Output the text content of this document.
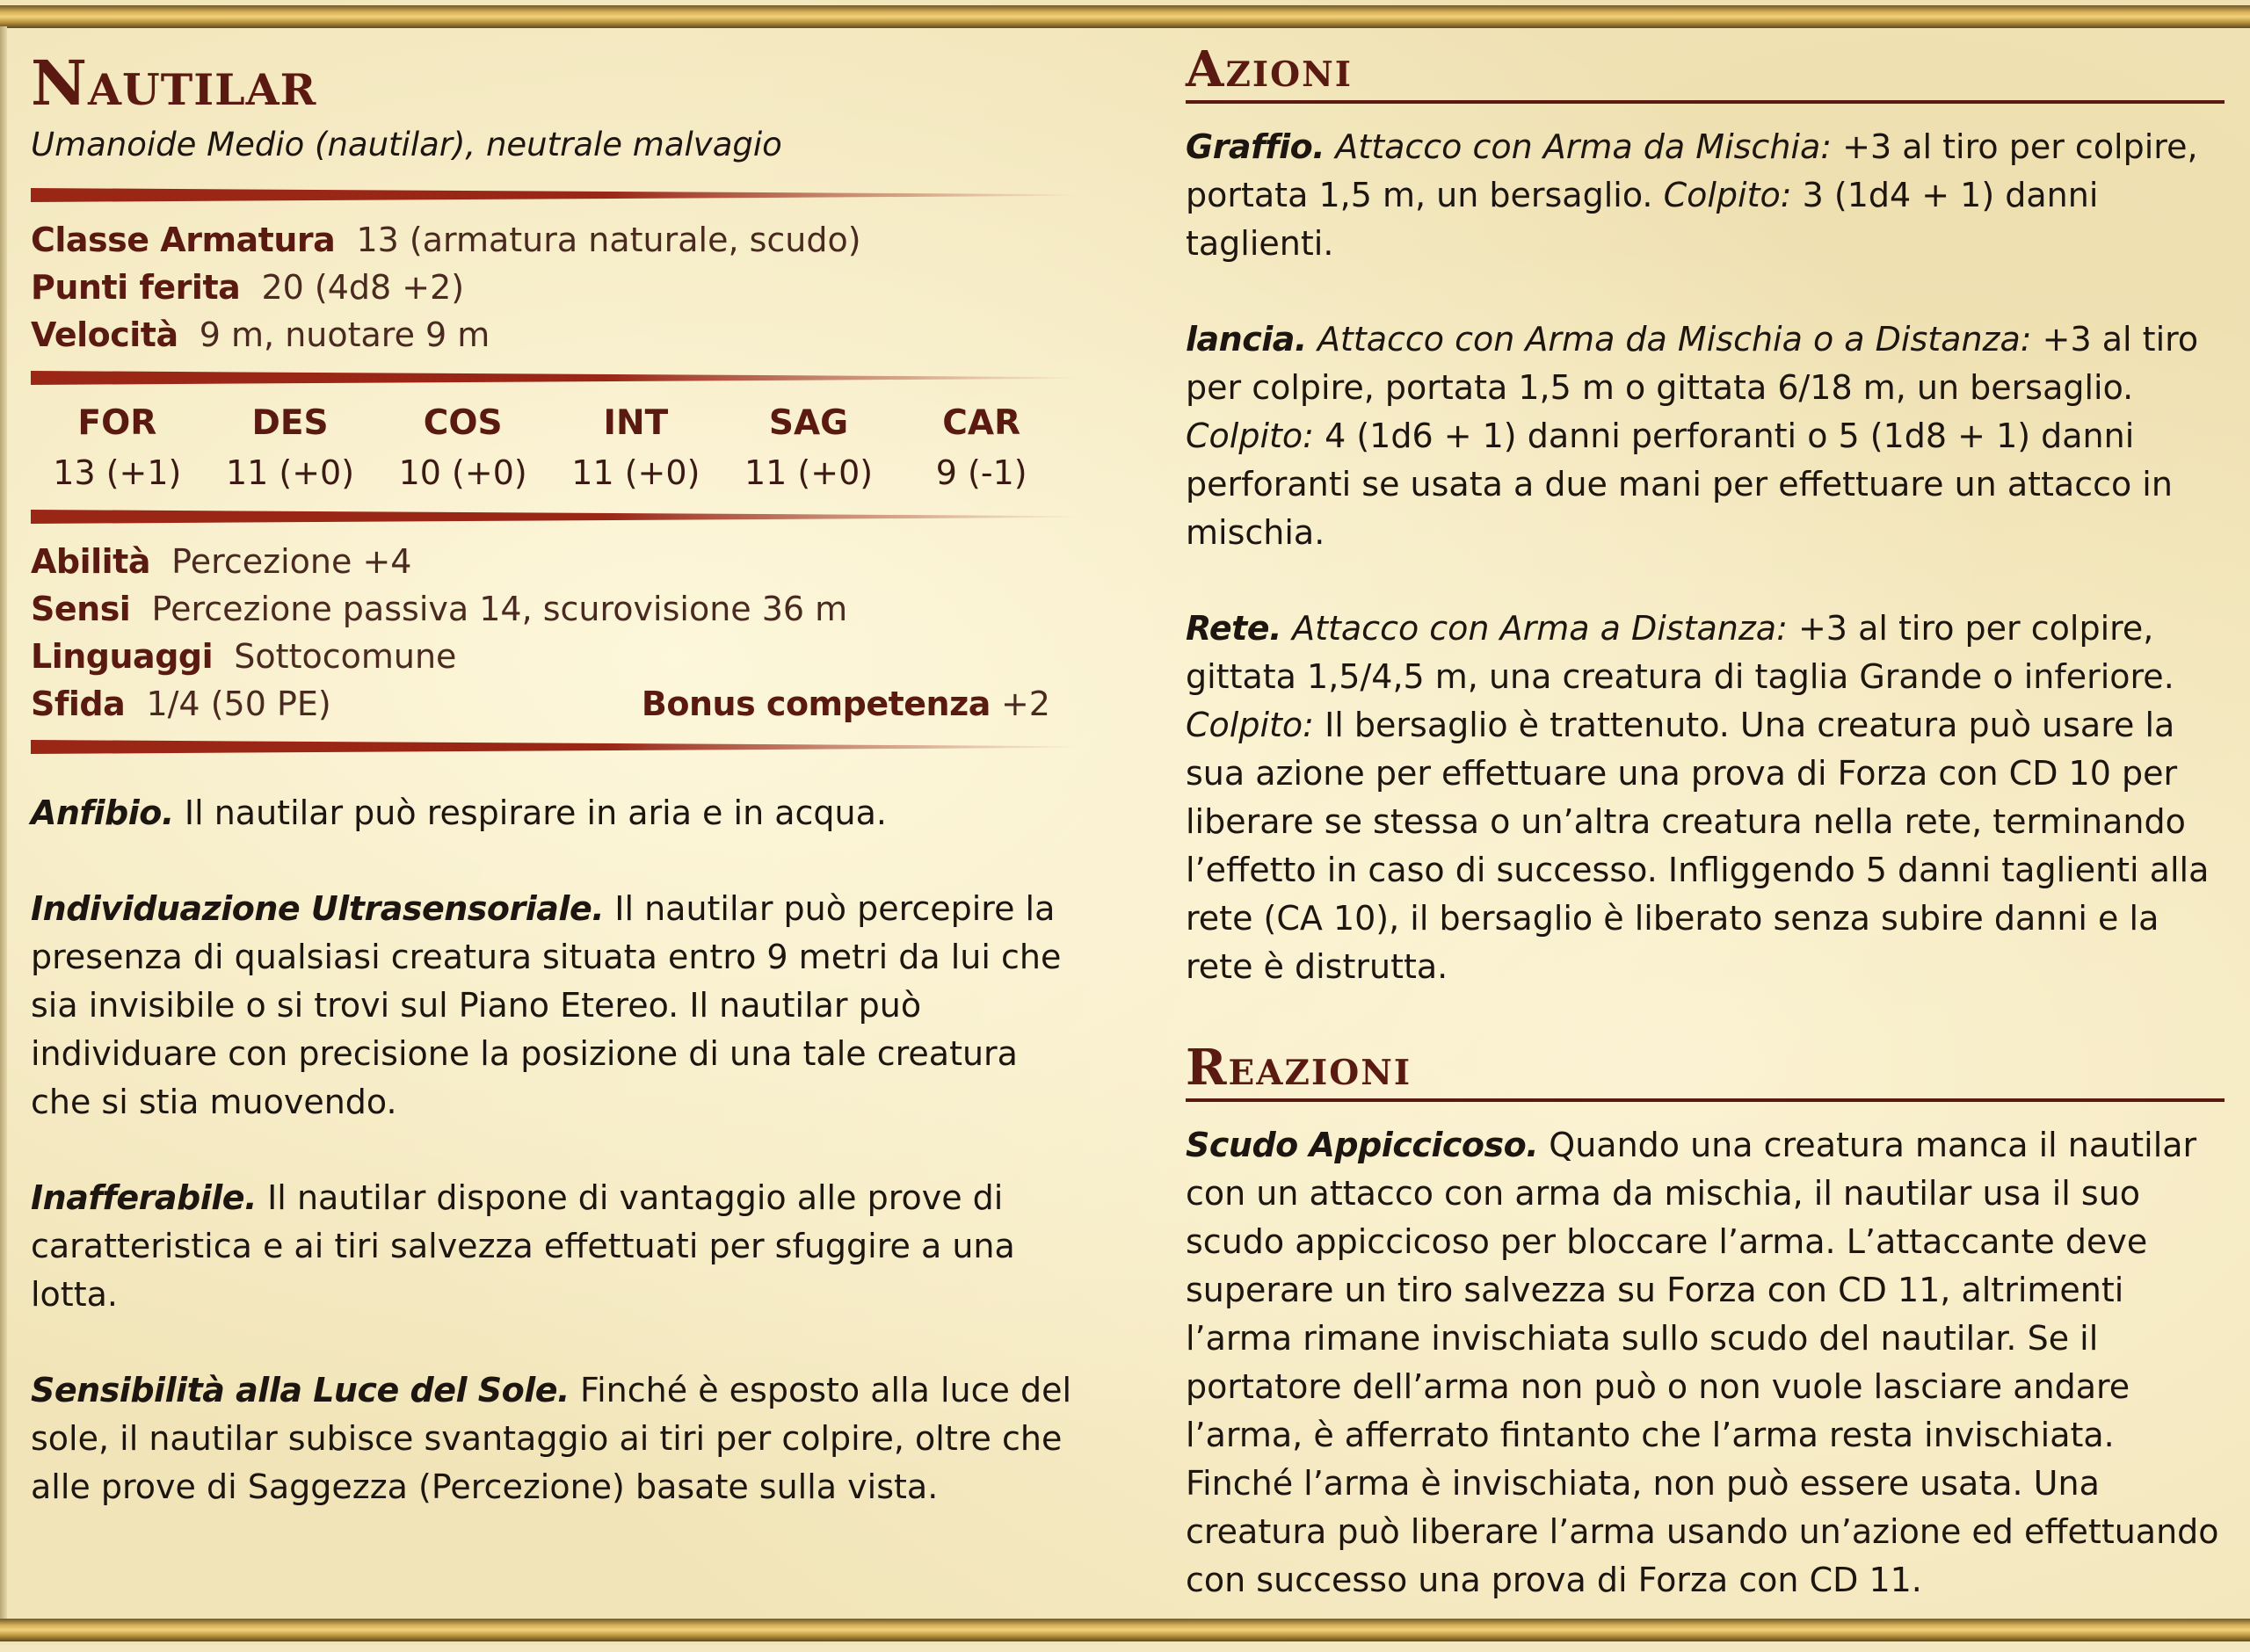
Nautilar

Umanoide Medio (nautilar), neutrale malvagio

Classe Armatura 13 (armatura naturale, scudo)
Punti ferita 20 (4d8 +2)
Velocità 9 m, nuotare 9 m
FOR
13 (+1)
DES
11 (+0)
COS
10 (+0)
INT
11 (+0)
SAG
11 (+0)
CAR
9 (-1)
Abilità Percezione +4
Sensi Percezione passiva 14, scurovisione 36 m
Linguaggi Sottocomune
Sfida 1/4 (50 PE)	Bonus competenza +2

Anfibio. Il nautilar può respirare in aria e in acqua.

Individuazione Ultrasensoriale. Il nautilar può percepire la presenza di qualsiasi creatura situata entro 9 metri da lui che sia invisibile o si trovi sul Piano Etereo. Il nautilar può individuare con precisione la posizione di una tale creatura che si stia muovendo.

Inafferabile. Il nautilar dispone di vantaggio alle prove di caratteristica e ai tiri salvezza effettuati per sfuggire a una lotta.

Sensibilità alla Luce del Sole. Finché è esposto alla luce del sole, il nautilar subisce svantaggio ai tiri per colpire, oltre che alle prove di Saggezza (Percezione) basate sulla vista.

Azioni

Graffio. Attacco con Arma da Mischia: +3 al tiro per colpire, portata 1,5 m, un bersaglio. Colpito: 3 (1d4 + 1) danni taglienti.

lancia. Attacco con Arma da Mischia o a Distanza: +3 al tiro per colpire, portata 1,5 m o gittata 6/18 m, un bersaglio. Colpito: 4 (1d6 + 1) danni perforanti o 5 (1d8 + 1) danni perforanti se usata a due mani per effettuare un attacco in mischia.

Rete. Attacco con Arma a Distanza: +3 al tiro per colpire, gittata 1,5/4,5 m, una creatura di taglia Grande o inferiore. Colpito: Il bersaglio è trattenuto. Una creatura può usare la sua azione per effettuare una prova di Forza con CD 10 per liberare se stessa o un’altra creatura nella rete, terminando l’effetto in caso di successo. Infliggendo 5 danni taglienti alla rete (CA 10), il bersaglio è liberato senza subire danni e la rete è distrutta.

Reazioni

Scudo Appicciсoso. Quando una creatura manca il nautilar con un attacco con arma da mischia, il nautilar usa il suo scudo appiccicoso per bloccare l’arma. L’attaccante deve superare un tiro salvezza su Forza con CD 11, altrimenti l’arma rimane invischiata sullo scudo del nautilar. Se il portatore dell’arma non può o non vuole lasciare andare l’arma, è afferrato fintanto che l’arma resta invischiata. Finché l’arma è invischiata, non può essere usata. Una creatura può liberare l’arma usando un’azione ed effettuando con successo una prova di Forza con CD 11.
